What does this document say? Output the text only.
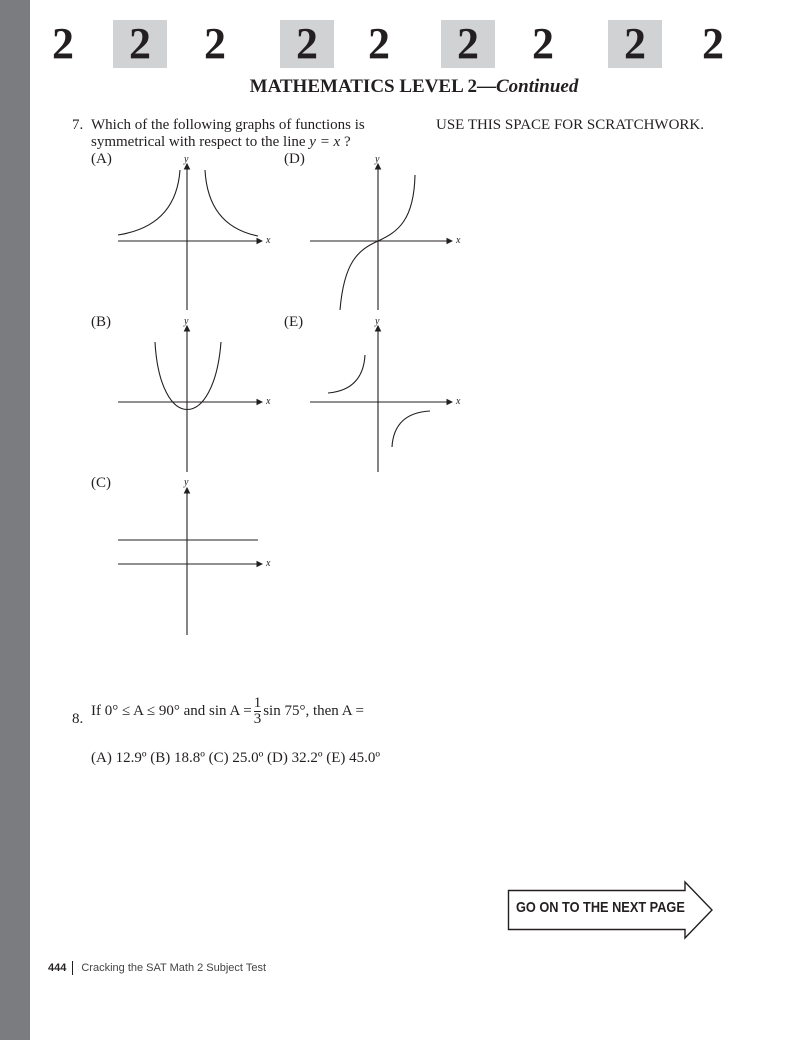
2	2	2	2	2	2	2	2	2
MATHEMATICS LEVEL 2—Continued
USE THIS SPACE FOR SCRATCHWORK.
7. Which of the following graphs of functions is
symmetrical with respect to the line y = x ?
(A)
(B)
(C)
(D)
(E)
y
x
y
x
y
x
y
x
y
x
8.
If 0° ≤ A ≤ 90° and $\sin A = \frac{1}{3}$ sin 75°, then A =
(A) 12.9º (B) 18.8º (C) 25.0º (D) 32.2º (E) 45.0º
GO ON TO THE NEXT PAGE
444 Cracking the SAT Math 2 Subject Test
